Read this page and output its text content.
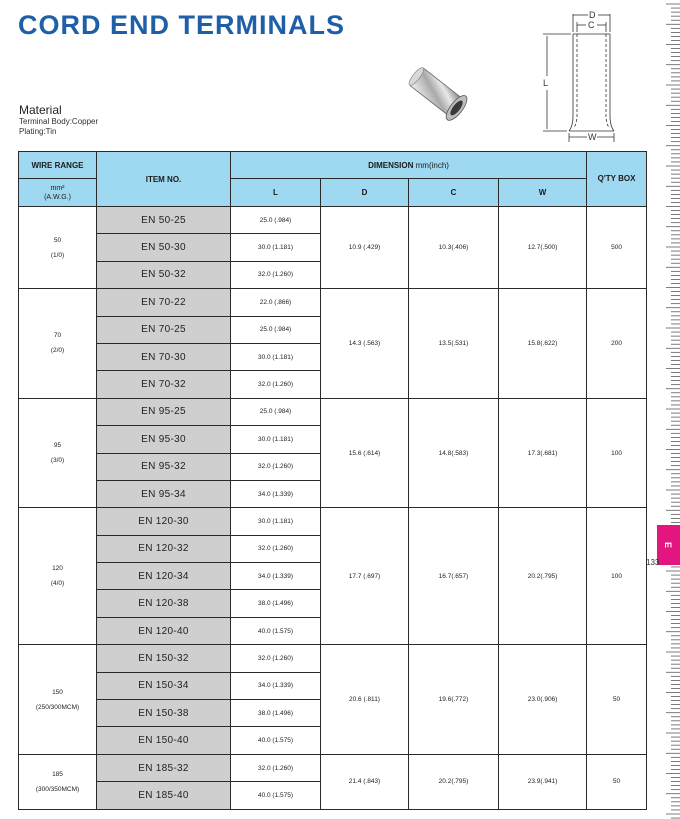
CORD END TERMINALS
Material
Terminal Body:Copper
Plating:Tin
D
C
L
W
WIRE RANGE	ITEM NO.	DIMENSION mm(inch)				Q'TY BOX

mm²
(A.W.G.)		L	D	C	W	

50
(1/0)	EN 50-25	25.0 (.984)	10.9 (.429)	10.3(.406)	12.7(.500)	500
	EN 50-30	30.0 (1.181)				
	EN 50-32	32.0 (1.260)				

70
(2/0)	EN 70-22	22.0 (.866)	14.3 (.563)	13.5(.531)	15.8(.622)	200
	EN 70-25	25.0 (.984)				
	EN 70-30	30.0 (1.181)				
	EN 70-32	32.0 (1.260)				

95
(3/0)	EN 95-25	25.0 (.984)	15.6 (.614)	14.8(.583)	17.3(.681)	100
	EN 95-30	30.0 (1.181)				
	EN 95-32	32.0 (1.260)				
	EN 95-34	34.0 (1.339)				

120
(4/0)	EN 120-30	30.0 (1.181)	17.7 (.697)	16.7(.657)	20.2(.795)	100
	EN 120-32	32.0 (1.260)				
	EN 120-34	34.0 (1.339)				
	EN 120-38	38.0 (1.496)				
	EN 120-40	40.0 (1.575)				

150
(250/300MCM)	EN 150-32	32.0 (1.260)	20.6 (.811)	19.6(.772)	23.0(.906)	50
	EN 150-34	34.0 (1.339)				
	EN 150-38	38.0 (1.496)				
	EN 150-40	40.0 (1.575)				

185
(300/350MCM)	EN 185-32	32.0 (1.260)	21.4 (.843)	20.2(.795)	23.9(.941)	50
	EN 185-40	40.0 (1.575)				
E
133
